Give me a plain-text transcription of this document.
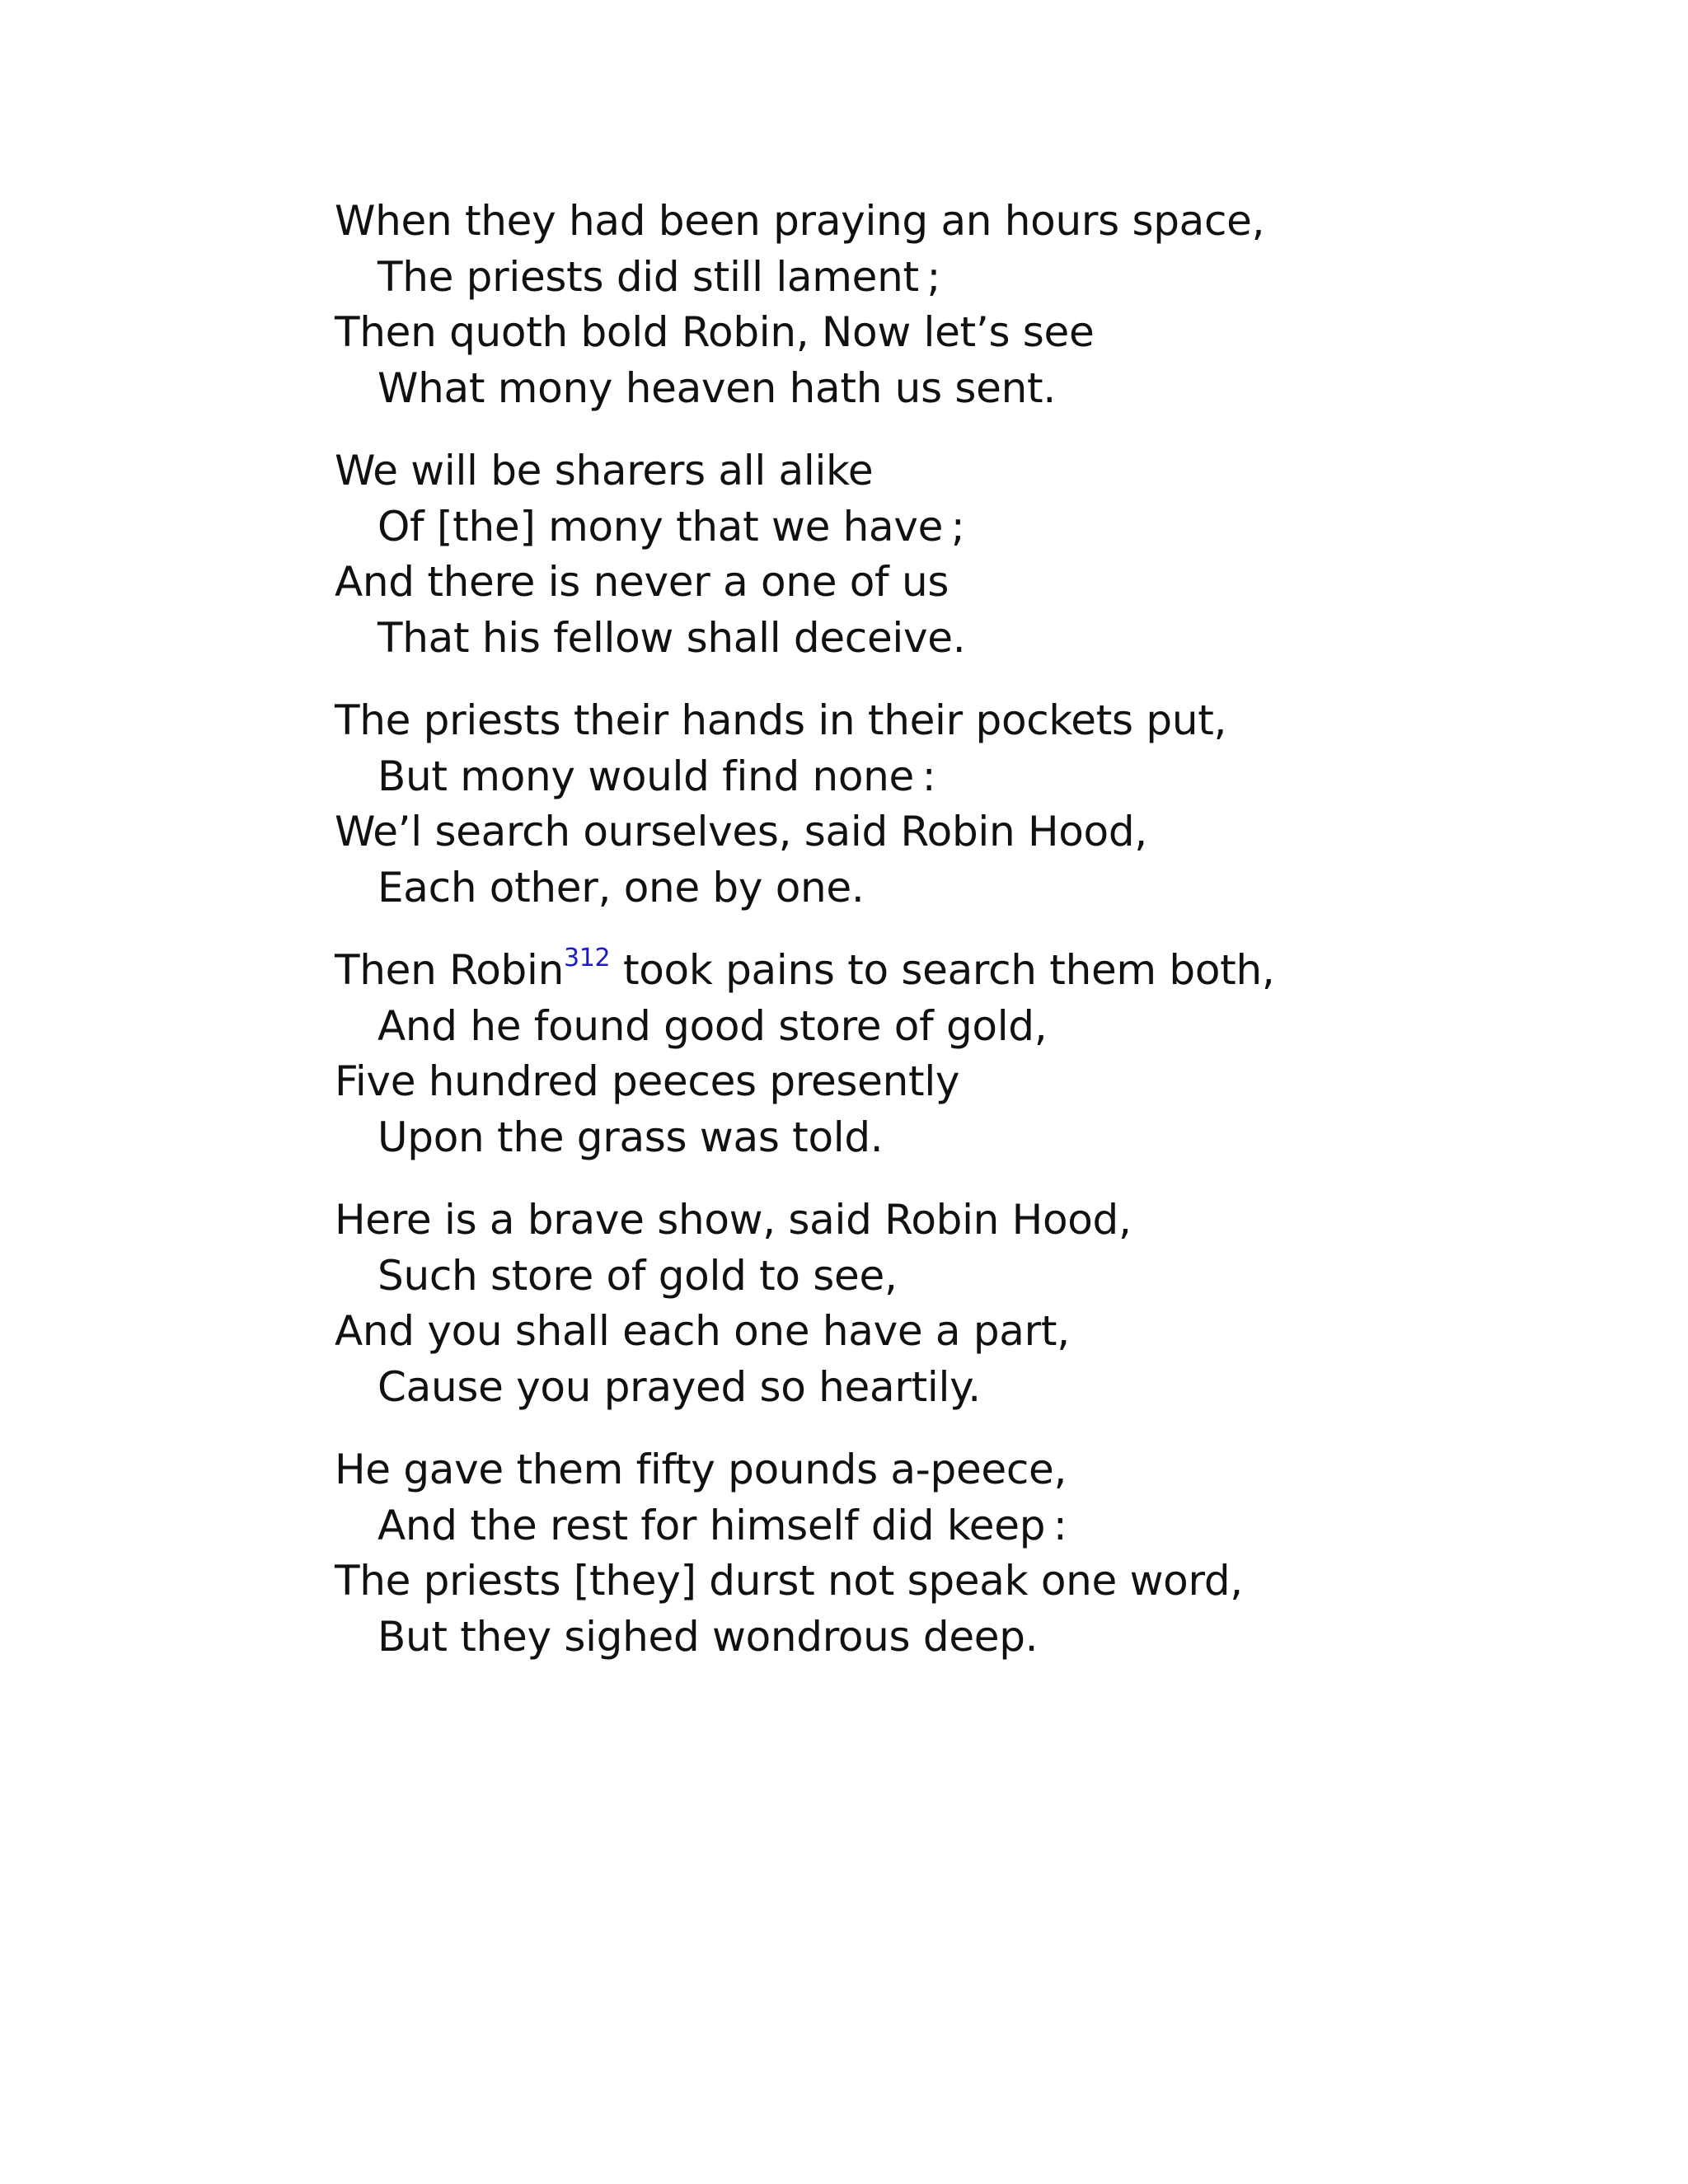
When they had been praying an hours space,
The priests did still lament ;
Then quoth bold Robin, Now let’s see
What mony heaven hath us sent.
We will be sharers all alike
Of [the] mony that we have ;
And there is never a one of us
That his fellow shall deceive.
The priests their hands in their pockets put,
But mony would find none :
We’l search ourselves, said Robin Hood,
Each other, one by one.
Then Robin$^{312}$ took pains to search them both,
And he found good store of gold,
Five hundred peeces presently
Upon the grass was told.
Here is a brave show, said Robin Hood,
Such store of gold to see,
And you shall each one have a part,
Cause you prayed so heartily.
He gave them fifty pounds a-peece,
And the rest for himself did keep :
The priests [they] durst not speak one word,
But they sighed wondrous deep.
